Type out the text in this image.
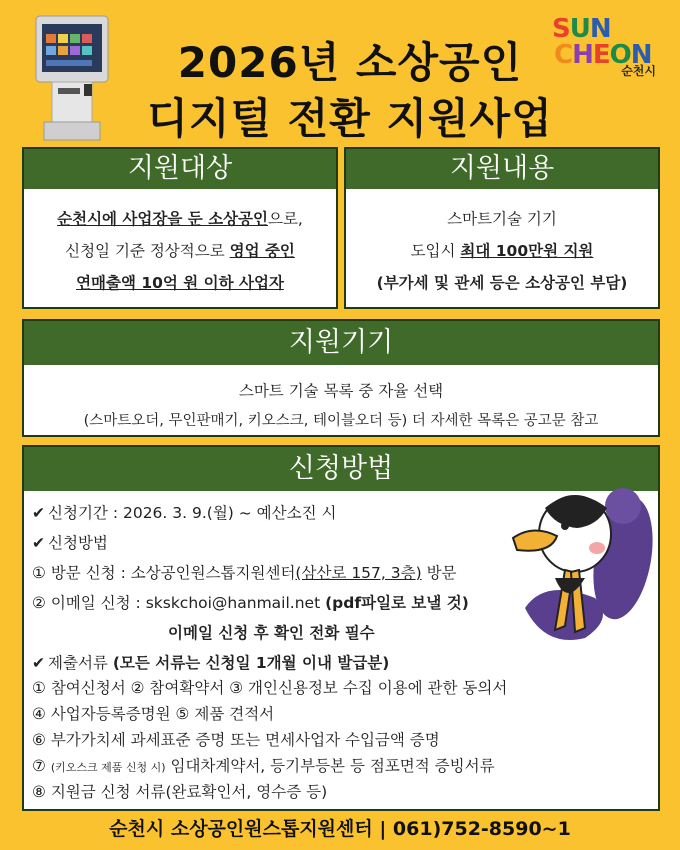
2026년 소상공인
디지털 전환 지원사업
SUN
CHEON
순천시
지원대상
순천시에 사업장을 둔 소상공인으로,
신청일 기준 정상적으로 영업 중인
연매출액 10억 원 이하 사업자
지원내용
스마트기술 기기
도입시 최대 100만원 지원
(부가세 및 관세 등은 소상공인 부담)
지원기기
스마트 기술 목록 중 자율 선택
(스마트오더, 무인판매기, 키오스크, 테이블오더 등) 더 자세한 목록은 공고문 참고
신청방법
✔ 신청기간 : 2026. 3. 9.(월) ~ 예산소진 시
✔ 신청방법
① 방문 신청 : 소상공인원스톱지원센터(삼산로 157, 3층) 방문
② 이메일 신청 : skskchoi@hanmail.net (pdf파일로 보낼 것)
이메일 신청 후 확인 전화 필수
✔ 제출서류 (모든 서류는 신청일 1개월 이내 발급분)
① 참여신청서 ② 참여확약서 ③ 개인신용정보 수집 이용에 관한 동의서
④ 사업자등록증명원 ⑤ 제품 견적서
⑥ 부가가치세 과세표준 증명 또는 면세사업자 수입금액 증명
⑦ (키오스크 제품 신청 시) 임대차계약서, 등기부등본 등 점포면적 증빙서류
⑧ 지원금 신청 서류(완료확인서, 영수증 등)
순천시 소상공인원스톱지원센터 | 061)752-8590~1
